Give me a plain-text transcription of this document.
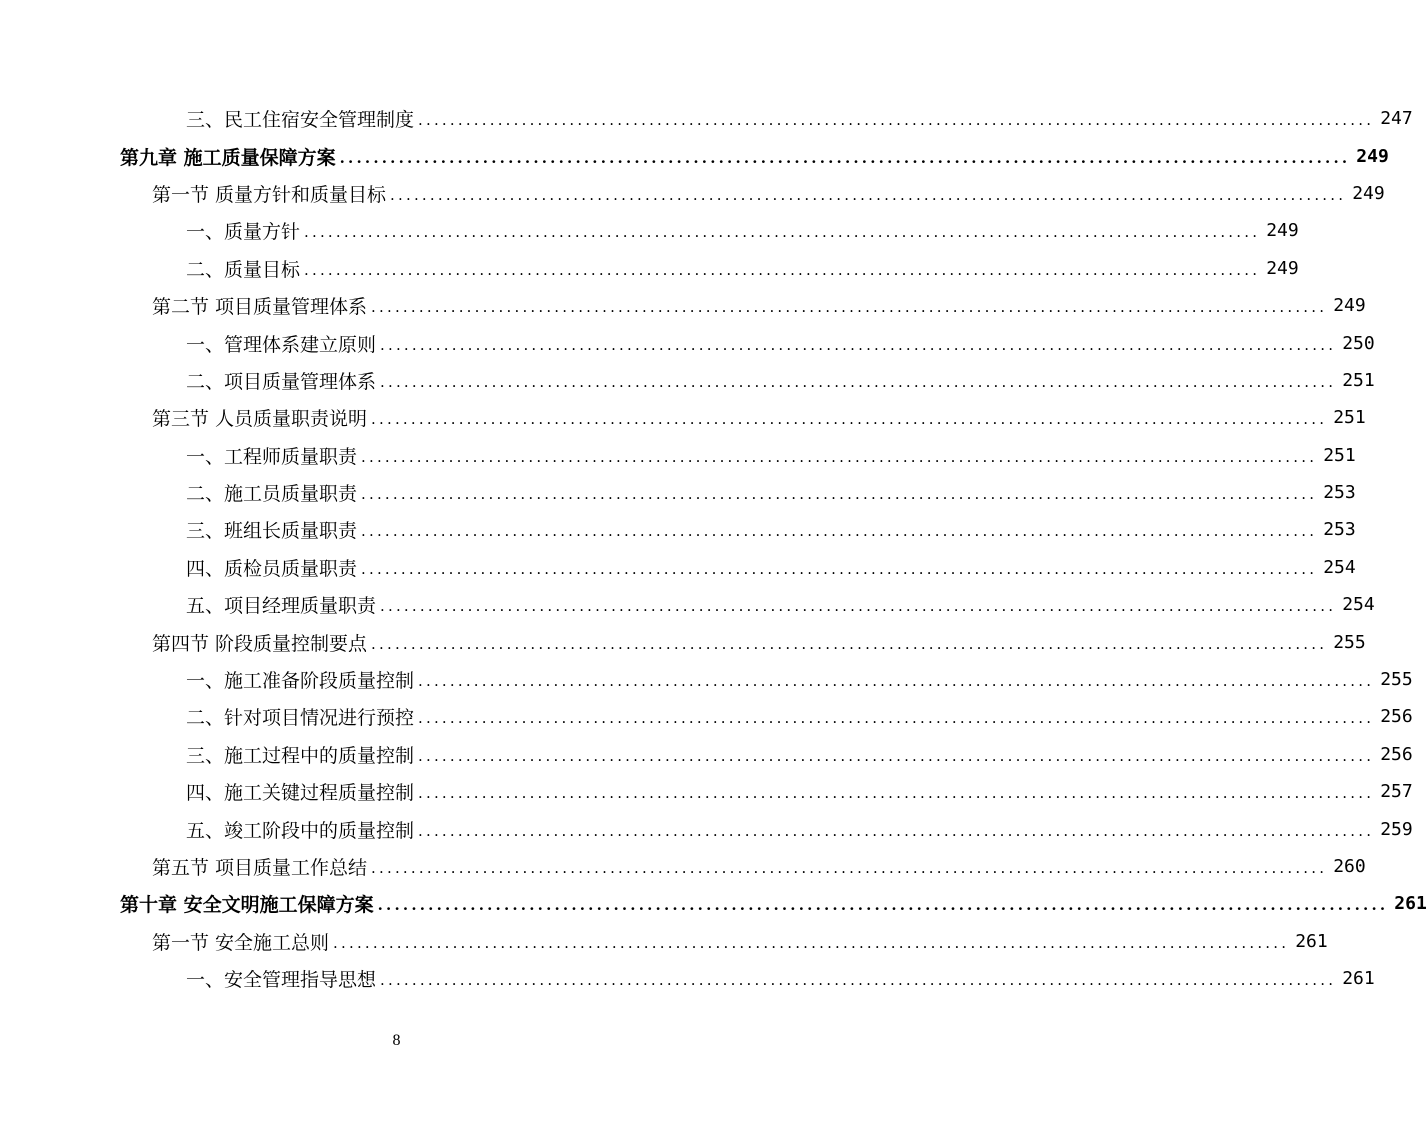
三、民工住宿安全管理制度 ........................................................................................................................ 247
第九章 施工质量保障方案 ........................................................................................................................ 249
第一节 质量方针和质量目标 ........................................................................................................................ 249
一、质量方针 ........................................................................................................................ 249
二、质量目标 ........................................................................................................................ 249
第二节 项目质量管理体系 ........................................................................................................................ 249
一、管理体系建立原则 ........................................................................................................................ 250
二、项目质量管理体系 ........................................................................................................................ 251
第三节 人员质量职责说明 ........................................................................................................................ 251
一、工程师质量职责 ........................................................................................................................ 251
二、施工员质量职责 ........................................................................................................................ 253
三、班组长质量职责 ........................................................................................................................ 253
四、质检员质量职责 ........................................................................................................................ 254
五、项目经理质量职责 ........................................................................................................................ 254
第四节 阶段质量控制要点 ........................................................................................................................ 255
一、施工准备阶段质量控制 ........................................................................................................................ 255
二、针对项目情况进行预控 ........................................................................................................................ 256
三、施工过程中的质量控制 ........................................................................................................................ 256
四、施工关键过程质量控制 ........................................................................................................................ 257
五、竣工阶段中的质量控制 ........................................................................................................................ 259
第五节 项目质量工作总结 ........................................................................................................................ 260
第十章 安全文明施工保障方案 ........................................................................................................................ 261
第一节 安全施工总则 ........................................................................................................................ 261
一、安全管理指导思想 ........................................................................................................................ 261
8
